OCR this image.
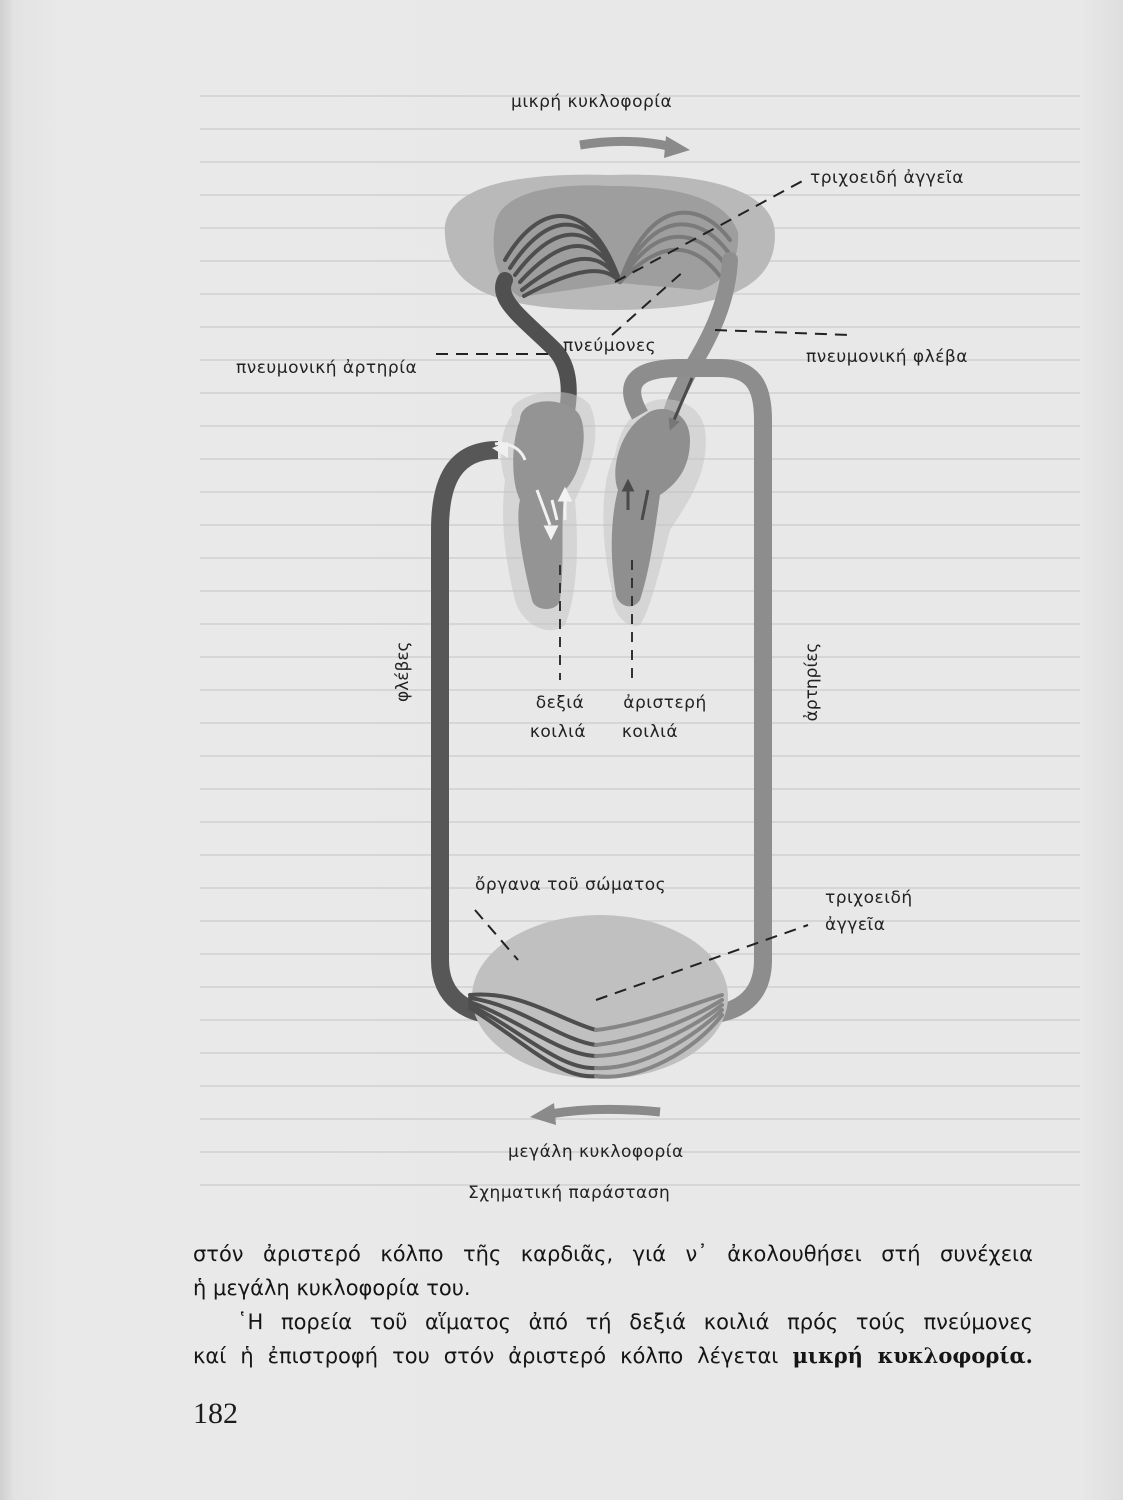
μικρή κυκλοφορία
τριχοειδή ἀγγεῖα
πνεύμονες
πνευμονική ἀρτηρία
πνευμονική φλέβα
φλέβες	ἀρτηρίες
δεξιά
κοιλιά
ἀριστερή
κοιλιά
ὄργανα τοῦ σώματος
τριχοειδή
ἀγγεῖα
μεγάλη κυκλοφορία
Σχηματική παράσταση

στόν ἀριστερό κόλπο τῆς καρδιᾶς, γιά ν᾽ ἀκολουθήσει στή συνέχεια

ἡ μεγάλη κυκλοφορία του.

῾Η πορεία τοῦ αἵματος ἀπό τή δεξιά κοιλιά πρός τούς πνεύμονες

καί ἡ ἐπιστροφή του στόν ἀριστερό κόλπο λέγεται μικρή κυκλοφορία.

182
